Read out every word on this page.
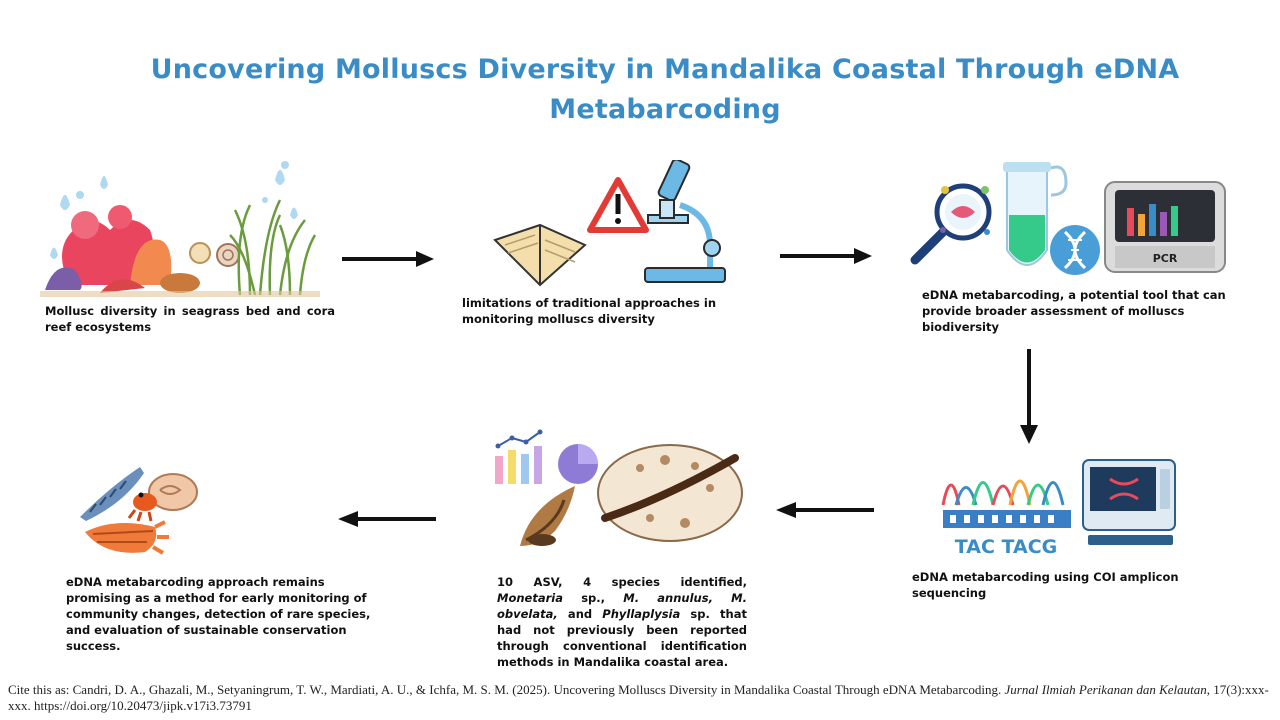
Uncovering Molluscs Diversity in Mandalika Coastal Through eDNA Metabarcoding
Mollusc diversity in seagrass bed and cora reef ecosystems
limitations of traditional approaches in monitoring molluscs diversity
PCR
eDNA metabarcoding, a potential tool that can provide broader assessment of molluscs biodiversity
TAC TACG
eDNA metabarcoding using COI amplicon sequencing
10 ASV, 4 species identified, Monetaria sp., M. annulus, M. obvelata, and Phyllaplysia sp. that had not previously been reported through conventional identification methods in Mandalika coastal area.
eDNA metabarcoding approach remains promising as a method for early monitoring of community changes, detection of rare species, and evaluation of sustainable conservation success.
Cite this as: Candri, D. A., Ghazali, M., Setyaningrum, T. W., Mardiati, A. U., & Ichfa, M. S. M. (2025). Uncovering Molluscs Diversity in Mandalika Coastal Through eDNA Metabarcoding. Jurnal Ilmiah Perikanan dan Kelautan, 17(3):xxx-xxx. https://doi.org/10.20473/jipk.v17i3.73791
